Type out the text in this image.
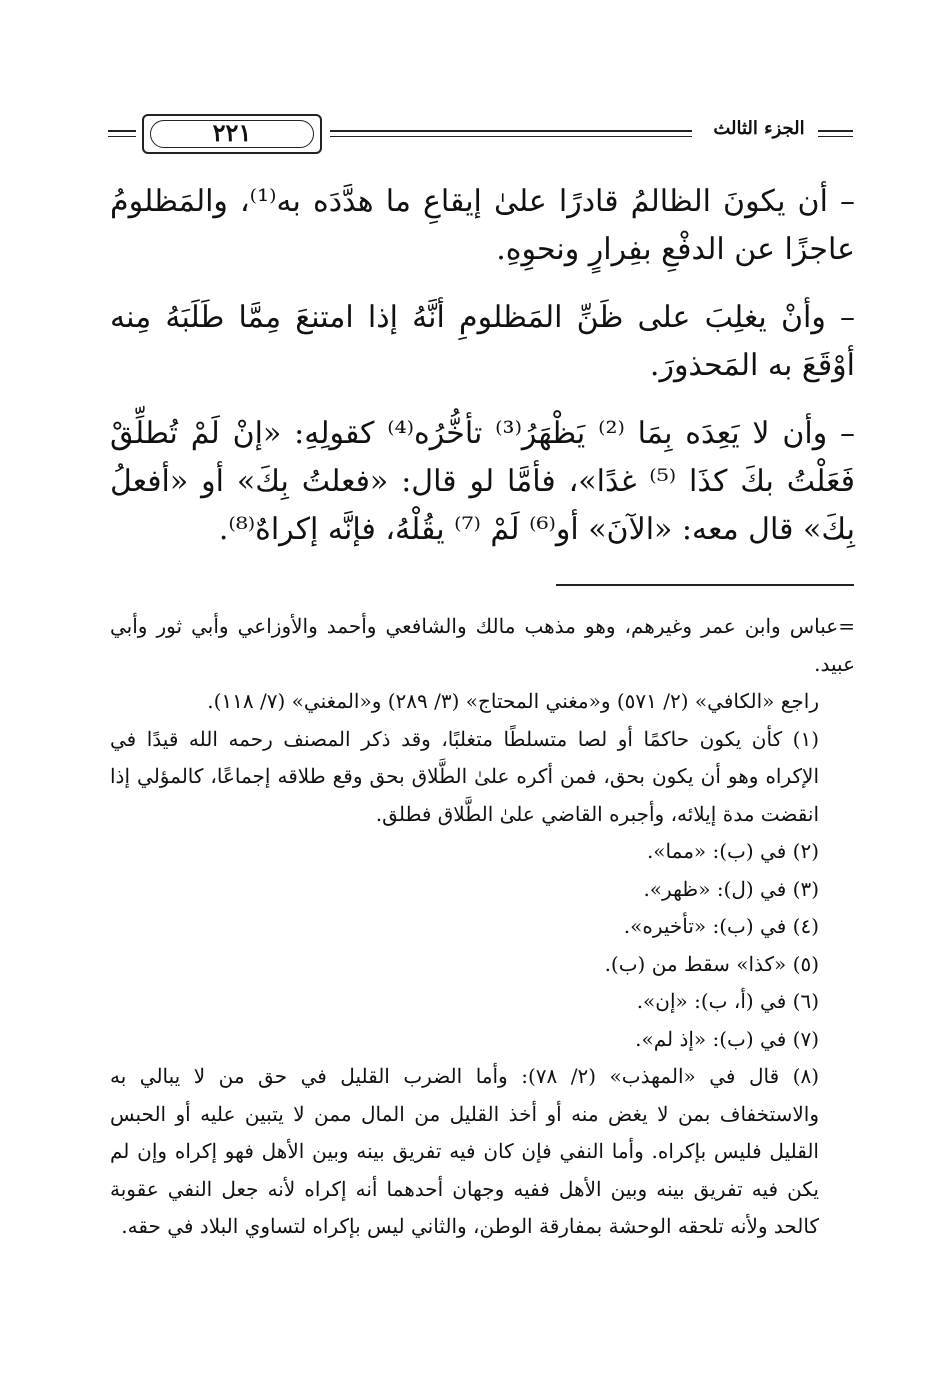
٢٢١	الجزء الثالث

– أن يكونَ الظالمُ قادرًا علىٰ إيقاعِ ما هدَّدَه به⁽¹⁾، والمَظلومُ عاجزًا عن الدفْعِ بفِرارٍ ونحوِهِ.

– وأنْ يغلِبَ على ظَنِّ المَظلومِ أنَّهُ إذا امتنعَ مِمَّا طَلَبَهُ مِنه أوْقَعَ به المَحذورَ.

– وأن لا يَعِدَه بِمَا ⁽²⁾ يَظْهَرُ⁽³⁾ تأخُّرُه⁽⁴⁾ كقولِهِ: «إنْ لَمْ تُطلِّقْ فَعَلْتُ بكَ كذَا ⁽⁵⁾ غدًا»، فأمَّا لو قال: «فعلتُ بِكَ» أو «أفعلُ بِكَ» قال معه: «الآنَ» أو⁽⁶⁾ لَمْ ⁽⁷⁾ يقُلْهُ، فإنَّه إكراهٌ⁽⁸⁾.

=عباس وابن عمر وغيرهم، وهو مذهب مالك والشافعي وأحمد والأوزاعي وأبي ثور وأبي عبيد.

راجع «الكافي» (٢/ ٥٧١) و«مغني المحتاج» (٣/ ٢٨٩) و«المغني» (٧/ ١١٨).

(١) كأن يكون حاكمًا أو لصا متسلطًا متغلبًا، وقد ذكر المصنف رحمه الله قيدًا في الإكراه وهو أن يكون بحق، فمن أكره علىٰ الطَّلاق بحق وقع طلاقه إجماعًا، كالمؤلي إذا انقضت مدة إيلائه، وأجبره القاضي علىٰ الطَّلاق فطلق.

(٢) في (ب): «مما».

(٣) في (ل): «ظهر».

(٤) في (ب): «تأخيره».

(٥) «كذا» سقط من (ب).

(٦) في (أ، ب): «إن».

(٧) في (ب): «إذ لم».

(٨) قال في «المهذب» (٢/ ٧٨): وأما الضرب القليل في حق من لا يبالي به والاستخفاف بمن لا يغض منه أو أخذ القليل من المال ممن لا يتبين عليه أو الحبس القليل فليس بإكراه. وأما النفي فإن كان فيه تفريق بينه وبين الأهل فهو إكراه وإن لم يكن فيه تفريق بينه وبين الأهل ففيه وجهان أحدهما أنه إكراه لأنه جعل النفي عقوبة كالحد ولأنه تلحقه الوحشة بمفارقة الوطن، والثاني ليس بإكراه لتساوي البلاد في حقه.
